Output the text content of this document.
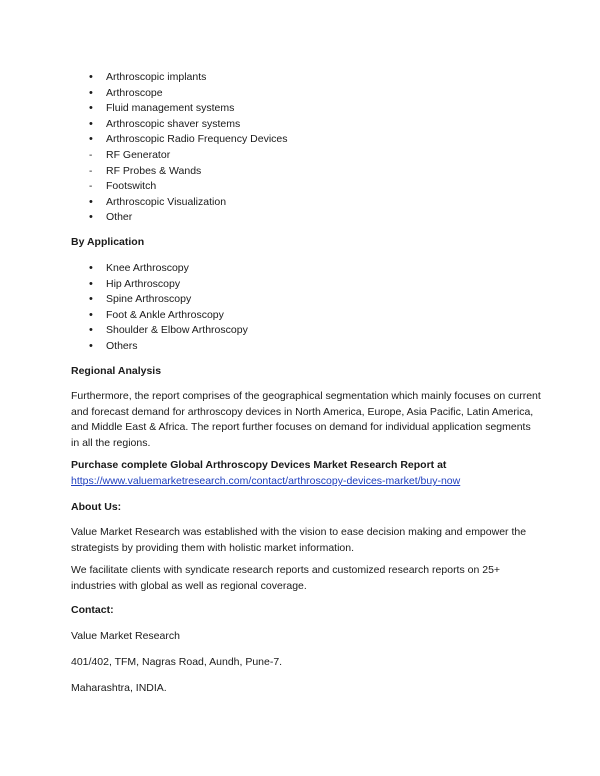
•
Arthroscopic implants
•
Arthroscope
•
Fluid management systems
•
Arthroscopic shaver systems
•
Arthroscopic Radio Frequency Devices
-
RF Generator
-
RF Probes & Wands
-
Footswitch
•
Arthroscopic Visualization
•
Other
By Application
•
Knee Arthroscopy
•
Hip Arthroscopy
•
Spine Arthroscopy
•
Foot & Ankle Arthroscopy
•
Shoulder & Elbow Arthroscopy
•
Others
Regional Analysis
Furthermore, the report comprises of the geographical segmentation which mainly focuses on current and forecast demand for arthroscopy devices in North America, Europe, Asia Pacific, Latin America, and Middle East & Africa. The report further focuses on demand for individual application segments in all the regions.
Purchase complete Global Arthroscopy Devices Market Research Report at
https://www.valuemarketresearch.com/contact/arthroscopy-devices-market/buy-now
About Us:
Value Market Research was established with the vision to ease decision making and empower the strategists by providing them with holistic market information.
We facilitate clients with syndicate research reports and customized research reports on 25+ industries with global as well as regional coverage.
Contact:
Value Market Research
401/402, TFM, Nagras Road, Aundh, Pune-7.
Maharashtra, INDIA.
